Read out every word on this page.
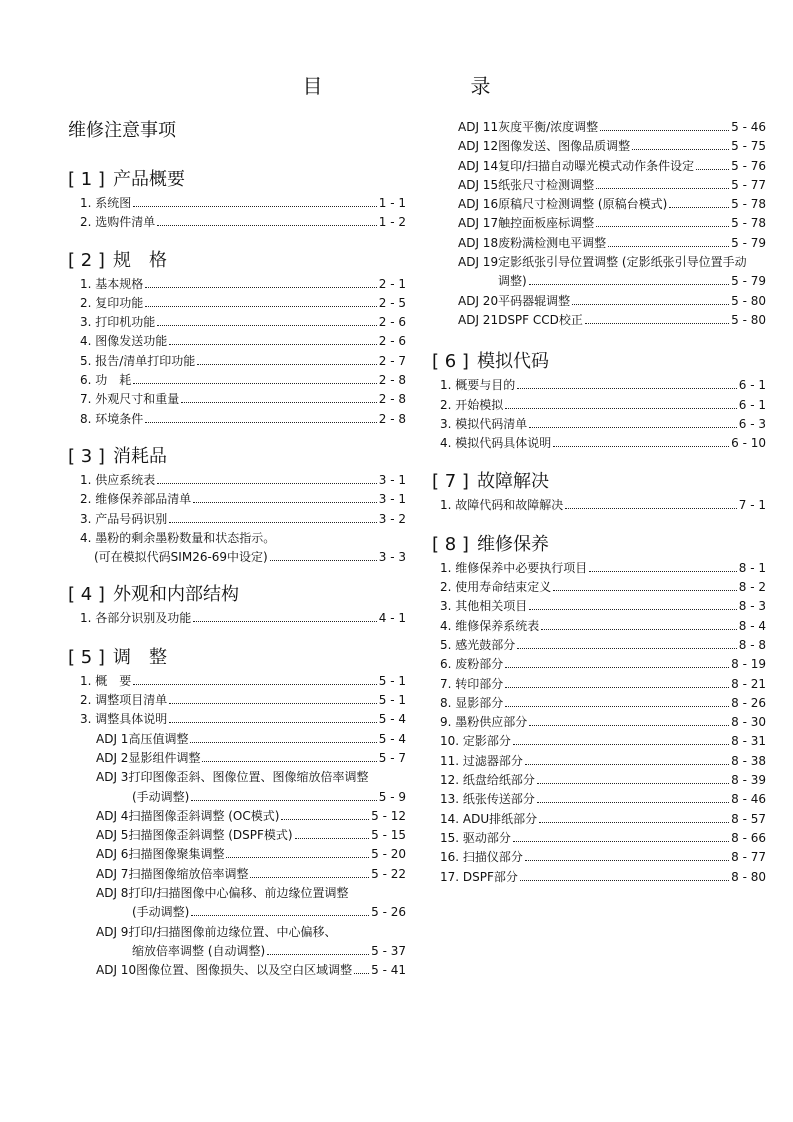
目　　录
维修注意事项
[ 1 ] 产品概要
1. 系统图	1 - 1
2. 选购件清单	1 - 2
[ 2 ] 规　格
1. 基本规格	2 - 1
2. 复印功能	2 - 5
3. 打印机功能	2 - 6
4. 图像发送功能	2 - 6
5. 报告/清单打印功能	2 - 7
6. 功　耗	2 - 8
7. 外观尺寸和重量	2 - 8
8. 环境条件	2 - 8
[ 3 ] 消耗品
1. 供应系统表	3 - 1
2. 维修保养部品清单	3 - 1
3. 产品号码识别	3 - 2
4. 墨粉的剩余墨粉数量和状态指示。
(可在模拟代码SIM26-69中设定)	3 - 3
[ 4 ] 外观和内部结构
1. 各部分识别及功能	4 - 1
[ 5 ] 调　整
1. 概　要	5 - 1
2. 调整项目清单	5 - 1
3. 调整具体说明	5 - 4
ADJ 1高压值调整	5 - 4
ADJ 2显影组件调整	5 - 7
ADJ 3打印图像歪斜、图像位置、图像缩放倍率调整
(手动调整)	5 - 9
ADJ 4扫描图像歪斜调整 (OC模式)	5 - 12
ADJ 5扫描图像歪斜调整 (DSPF模式)	5 - 15
ADJ 6扫描图像聚集调整	5 - 20
ADJ 7扫描图像缩放倍率调整	5 - 22
ADJ 8打印/扫描图像中心偏移、前边缘位置调整
(手动调整)	5 - 26
ADJ 9打印/扫描图像前边缘位置、中心偏移、
缩放倍率调整 (自动调整)	5 - 37
ADJ 10图像位置、图像损失、以及空白区域调整 5 - 41
ADJ 11灰度平衡/浓度调整	5 - 46
ADJ 12图像发送、图像品质调整	5 - 75
ADJ 14复印/扫描自动曝光模式动作条件设定	5 - 76
ADJ 15纸张尺寸检测调整	5 - 77
ADJ 16原稿尺寸检测调整 (原稿台模式)	5 - 78
ADJ 17触控面板座标调整	5 - 78
ADJ 18废粉满检测电平调整	5 - 79
ADJ 19定影纸张引导位置调整 (定影纸张引导位置手动
调整)	5 - 79
ADJ 20平码器辊调整	5 - 80
ADJ 21DSPF CCD校正	5 - 80
[ 6 ] 模拟代码
1. 概要与目的	6 - 1
2. 开始模拟	6 - 1
3. 模拟代码清单	6 - 3
4. 模拟代码具体说明	6 - 10
[ 7 ] 故障解决
1. 故障代码和故障解决	7 - 1
[ 8 ] 维修保养
1. 维修保养中必要执行项目	8 - 1
2. 使用寿命结束定义	8 - 2
3. 其他相关项目	8 - 3
4. 维修保养系统表	8 - 4
5. 感光鼓部分	8 - 8
6. 废粉部分	8 - 19
7. 转印部分	8 - 21
8. 显影部分	8 - 26
9. 墨粉供应部分	8 - 30
10. 定影部分	8 - 31
11. 过滤器部分	8 - 38
12. 纸盘给纸部分	8 - 39
13. 纸张传送部分	8 - 46
14. ADU排纸部分	8 - 57
15. 驱动部分	8 - 66
16. 扫描仪部分	8 - 77
17. DSPF部分	8 - 80
